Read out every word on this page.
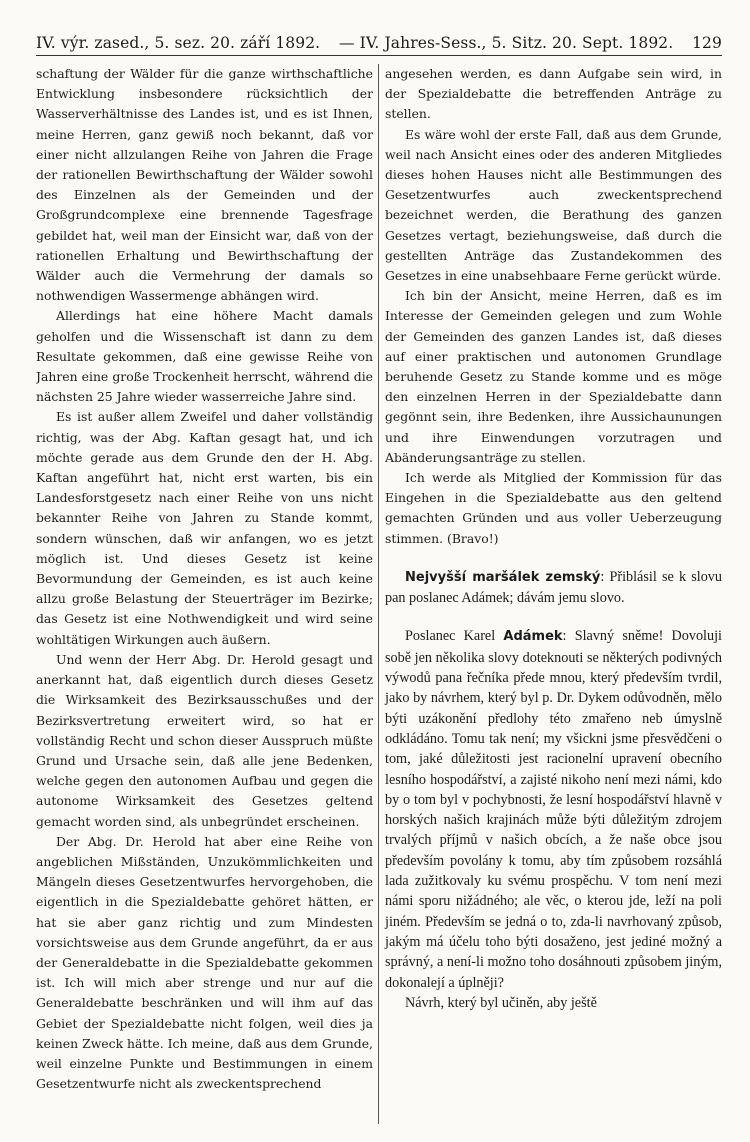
IV. výr. zased., 5. sez. 20. září 1892. — IV. Jahres-Sess., 5. Sitz. 20. Sept. 1892. 129

schaftung der Wälder für die ganze wirthschaftliche Entwicklung insbesondere rücksichtlich der Wasserverhältnisse des Landes ist, und es ist Ihnen, meine Herren, ganz gewiß noch bekannt, daß vor einer nicht allzulangen Reihe von Jahren die Frage der rationellen Bewirthschaftung der Wälder sowohl des Einzelnen als der Gemeinden und der Großgrundcomplexe eine brennende Tagesfrage gebildet hat, weil man der Einsicht war, daß von der rationellen Erhaltung und Bewirthschaftung der Wälder auch die Vermehrung der damals so nothwendigen Wassermenge abhängen wird.

Allerdings hat eine höhere Macht damals geholfen und die Wissenschaft ist dann zu dem Resultate gekommen, daß eine gewisse Reihe von Jahren eine große Trockenheit herrscht, während die nächsten 25 Jahre wieder wasserreiche Jahre sind.

Es ist außer allem Zweifel und daher vollständig richtig, was der Abg. Kaftan gesagt hat, und ich möchte gerade aus dem Grunde den der H. Abg. Kaftan angeführt hat, nicht erst warten, bis ein Landesforstgesetz nach einer Reihe von uns nicht bekannter Reihe von Jahren zu Stande kommt, sondern wünschen, daß wir anfangen, wo es jetzt möglich ist. Und dieses Gesetz ist keine Bevormundung der Gemeinden, es ist auch keine allzu große Belastung der Steuerträger im Bezirke; das Gesetz ist eine Nothwendigkeit und wird seine wohltätigen Wirkungen auch äußern.

Und wenn der Herr Abg. Dr. Herold gesagt und anerkannt hat, daß eigentlich durch dieses Gesetz die Wirksamkeit des Bezirksausschußes und der Bezirksvertretung erweitert wird, so hat er vollständig Recht und schon dieser Ausspruch müßte Grund und Ursache sein, daß alle jene Bedenken, welche gegen den autonomen Aufbau und gegen die autonome Wirksamkeit des Gesetzes geltend gemacht worden sind, als unbegründet erscheinen.

Der Abg. Dr. Herold hat aber eine Reihe von angeblichen Mißständen, Unzukömmlichkeiten und Mängeln dieses Gesetzentwurfes hervorgehoben, die eigentlich in die Spezialdebatte gehöret hätten, er hat sie aber ganz richtig und zum Mindesten vorsichtsweise aus dem Grunde angeführt, da er aus der Generaldebatte in die Spezialdebatte gekommen ist. Ich will mich aber strenge und nur auf die Generaldebatte beschränken und will ihm auf das Gebiet der Spezialdebatte nicht folgen, weil dies ja keinen Zweck hätte. Ich meine, daß aus dem Grunde, weil einzelne Punkte und Bestimmungen in einem Gesetzentwurfe nicht als zweckentsprechend

angesehen werden, es dann Aufgabe sein wird, in der Spezialdebatte die betreffenden Anträge zu stellen.

Es wäre wohl der erste Fall, daß aus dem Grunde, weil nach Ansicht eines oder des anderen Mitgliedes dieses hohen Hauses nicht alle Bestimmungen des Gesetzentwurfes auch zweckentsprechend bezeichnet werden, die Berathung des ganzen Gesetzes vertagt, beziehungsweise, daß durch die gestellten Anträge das Zustandekommen des Gesetzes in eine unabsehbaare Ferne gerückt würde.

Ich bin der Ansicht, meine Herren, daß es im Interesse der Gemeinden gelegen und zum Wohle der Gemeinden des ganzen Landes ist, daß dieses auf einer praktischen und autonomen Grundlage beruhende Gesetz zu Stande komme und es möge den einzelnen Herren in der Spezialdebatte dann gegönnt sein, ihre Bedenken, ihre Aussichaunungen und ihre Einwendungen vorzutragen und Abänderungsanträge zu stellen.

Ich werde als Mitglied der Kommission für das Eingehen in die Spezialdebatte aus den geltend gemachten Gründen und aus voller Ueberzeugung stimmen. (Bravo!)

Nejvyšší maršálek zemský: Přiblásil se k slovu pan poslanec Adámek; dávám jemu slovo.

Poslanec Karel Adámek: Slavný sněme! Dovoluji sobě jen několika slovy doteknouti se některých podivných výwodů pana řečníka přede mnou, který především tvrdil, jako by návrhem, který byl p. Dr. Dykem odůvodněn, mělo býti uzákonění předlohy této zmařeno neb úmyslně odkládáno. Tomu tak není; my všickni jsme přesvědčeni o tom, jaké důležitosti jest racionelní upravení obecního lesního hospodářství, a zajisté nikoho není mezi námi, kdo by o tom byl v pochybnosti, že lesní hospodářství hlavně v horských našich krajinách může býti důležitým zdrojem trvalých příjmů v našich obcích, a že naše obce jsou především povolány k tomu, aby tím způsobem rozsáhlá lada zužitkovaly ku svému prospěchu. V tom není mezi námi sporu nižádného; ale věc, o kterou jde, leží na poli jiném. Především se jedná o to, zda-li navrhovaný způsob, jakým má účelu toho býti dosaženo, jest jediné možný a správný, a není-li možno toho dosáhnouti způsobem jiným, dokonalejí a úplněji?

Návrh, který byl učiněn, aby ještě
